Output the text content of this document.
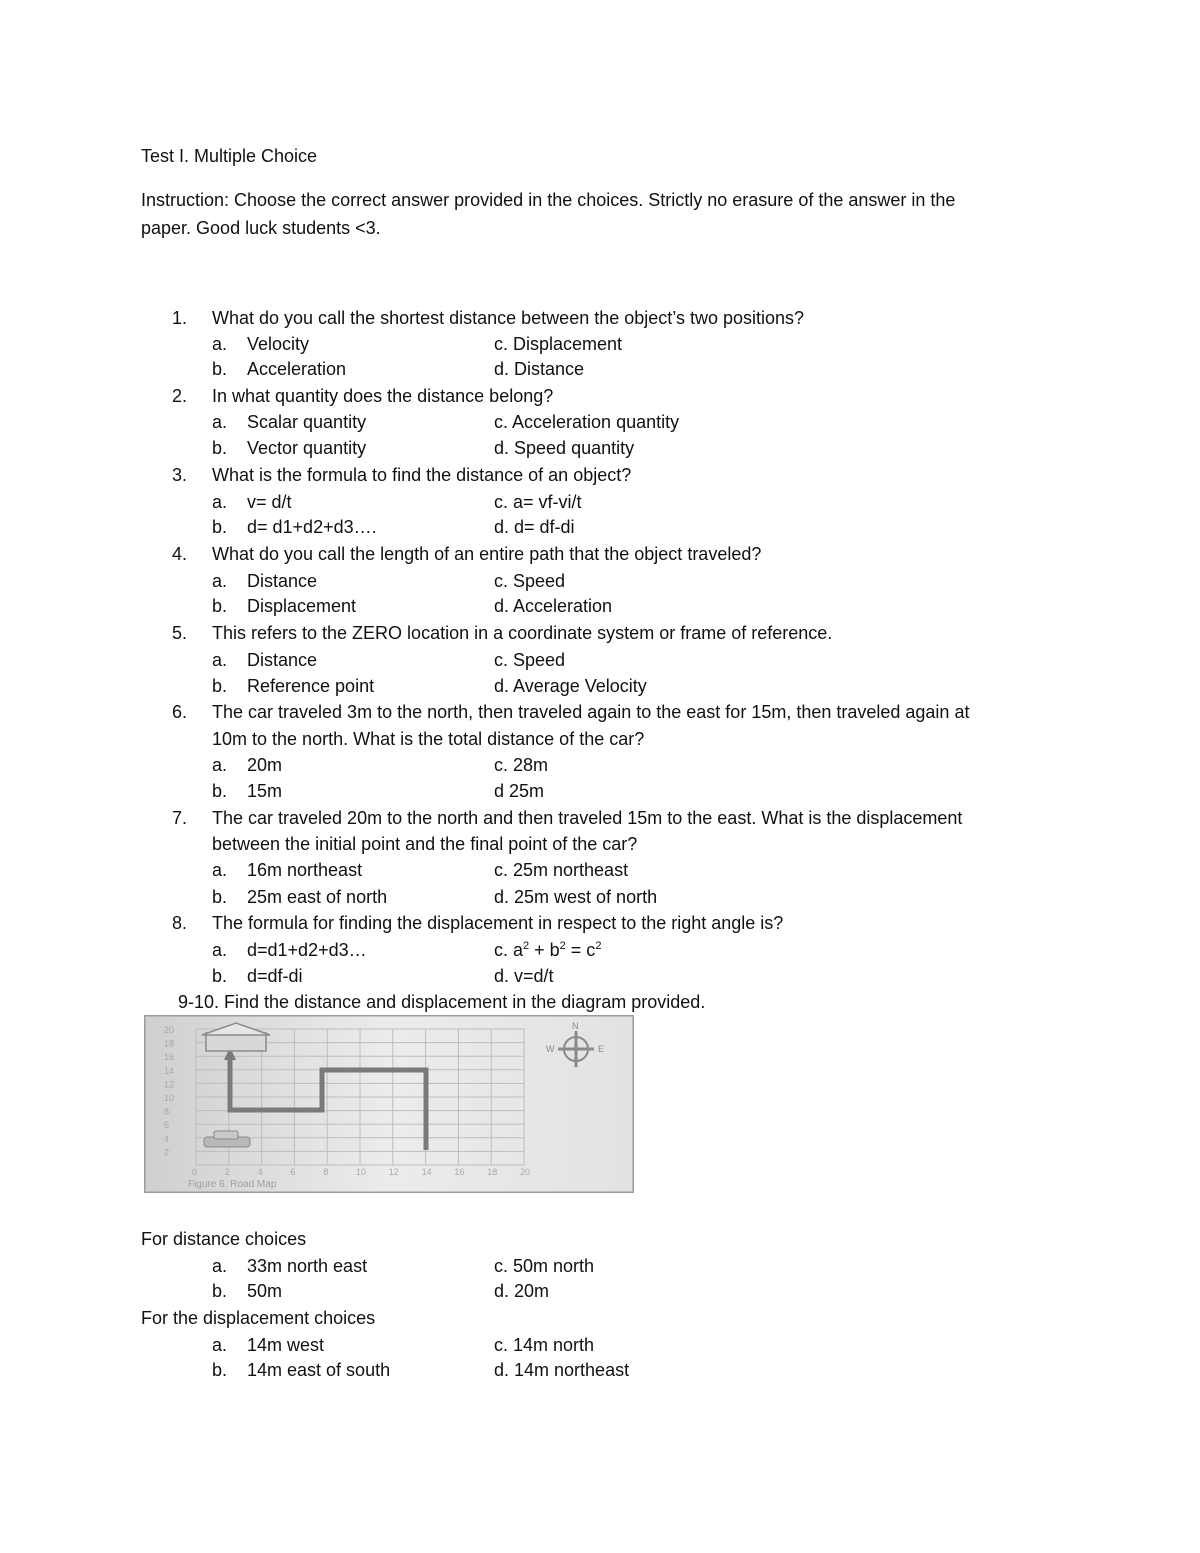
Test I. Multiple Choice
Instruction: Choose the correct answer provided in the choices. Strictly no erasure of the answer in the
paper. Good luck students <3.
1.	What do you call the shortest distance between the object’s two positions?
a. Velocity	c. Displacement
b. Acceleration	d. Distance
2.	In what quantity does the distance belong?
a. Scalar quantity	c. Acceleration quantity
b. Vector quantity	d. Speed quantity
3.	What is the formula to find the distance of an object?
a. v= d/t	c. a= vf-vi/t
b. d= d1+d2+d3….	d. d= df-di
4.	What do you call the length of an entire path that the object traveled?
a. Distance	c. Speed
b. Displacement	d. Acceleration
5.	This refers to the ZERO location in a coordinate system or frame of reference.
a. Distance	c. Speed
b. Reference point	d. Average Velocity
6.	The car traveled 3m to the north, then traveled again to the east for 15m, then traveled again at
10m to the north. What is the total distance of the car?
a. 20m	c. 28m
b. 15m	d 25m
7.	The car traveled 20m to the north and then traveled 15m to the east. What is the displacement
between the initial point and the final point of the car?
a. 16m northeast	c. 25m northeast
b. 25m east of north	d. 25m west of north
8.	The formula for finding the displacement in respect to the right angle is?
a. d=d1+d2+d3…	c. $a^2 + b^2 = c^2$
b. d=df-di	d. v=d/t
9-10. Find the distance and displacement in the diagram provided.
20
18
16
14
12
10
8
6
4
2
0	2	4	6	8	10	12	14	16	18	20
N
W	E
Figure 6. Road Map
For distance choices
a. 33m north east	c. 50m north
b. 50m	d. 20m
For the displacement choices
a. 14m west	c. 14m north
b. 14m east of south	d. 14m northeast
